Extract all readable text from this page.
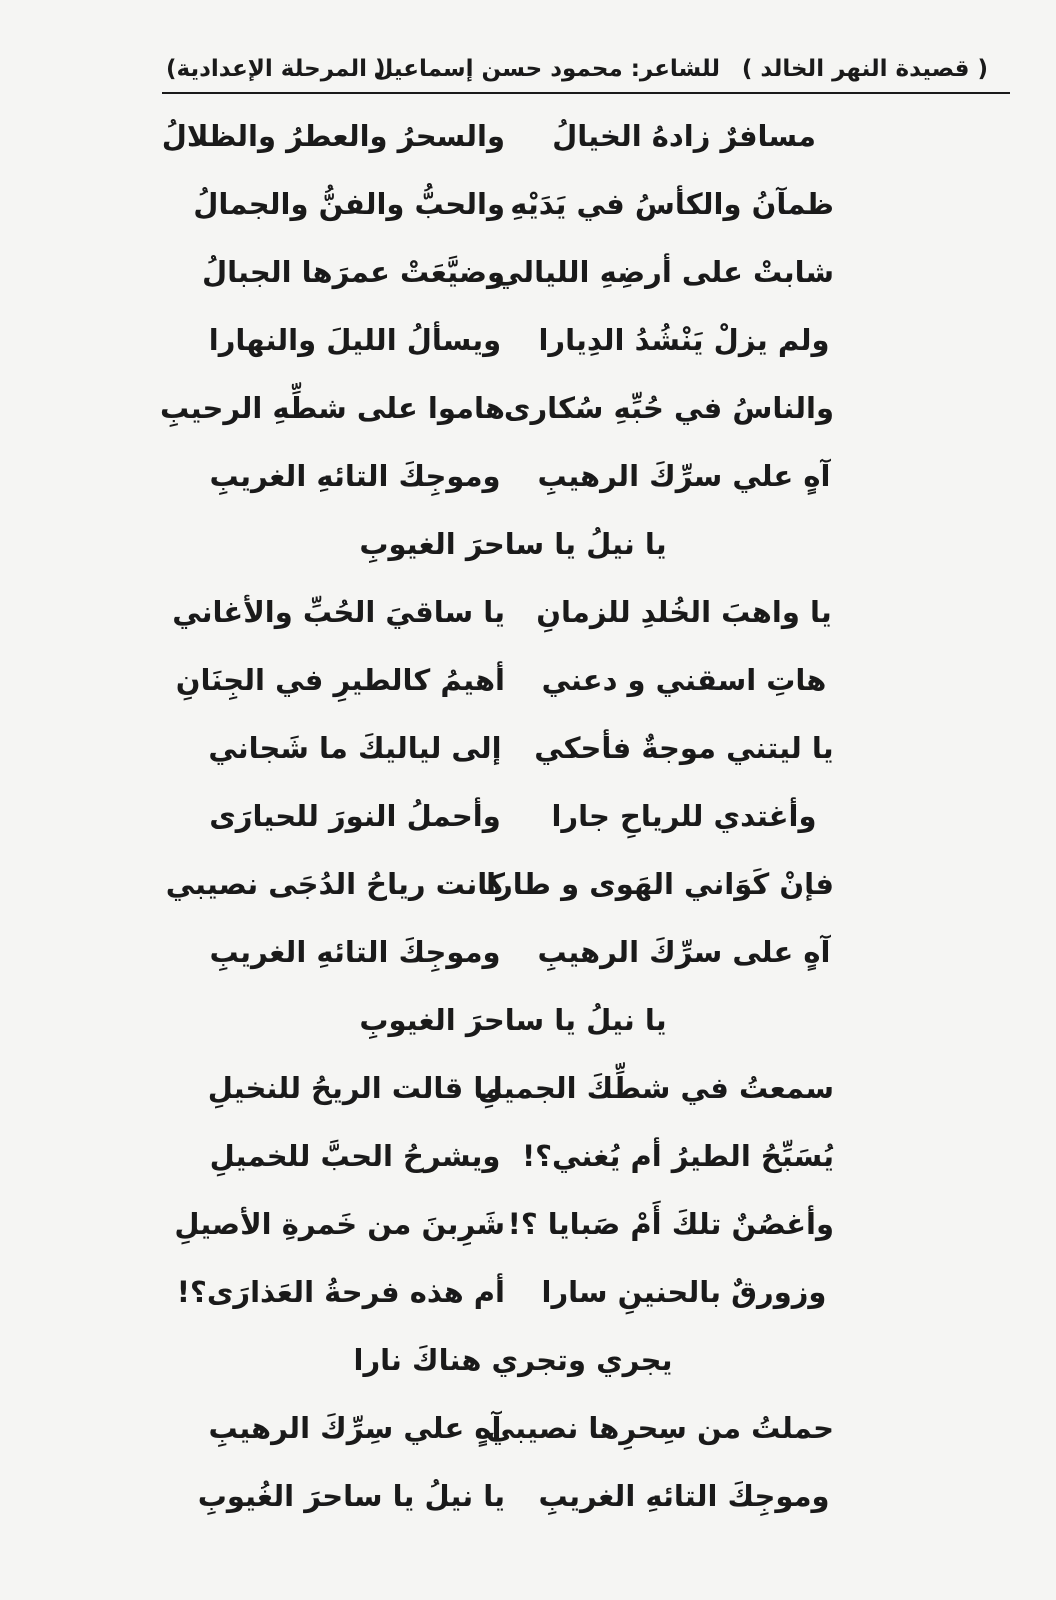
( قصيدة النهر الخالد )
للشاعر: محمود حسن إسماعيل
( المرحلة الإعدادية)
مسافرٌ زادهُ الخيالُ
والسحرُ والعطرُ والظلالُ
ظمآنُ والكأسُ في يَدَيْهِ
والحبُّ والفنُّ والجمالُ
شابتْ على أرضِهِ الليالي
وضيَّعَتْ عمرَها الجبالُ
ولم يزلْ يَنْشُدُ الدِيارا
ويسألُ الليلَ والنهارا
والناسُ في حُبِّهِ سُكارى
هاموا على شطِّهِ الرحيبِ
آهٍ علي سرِّكَ الرهيبِ
وموجِكَ التائهِ الغريبِ
يا نيلُ يا ساحرَ الغيوبِ
يا واهبَ الخُلدِ للزمانِ
يا ساقيَ الحُبِّ والأغاني
هاتِ اسقني و دعني
أهيمُ كالطيرِ في الجِنَانِ
يا ليتني موجةٌ فأحكي
إلى لياليكَ ما شَجاني
وأغتدي للرياحِ جارا
وأحملُ النورَ للحيارَى
فإنْ كَوَاني الهَوى و طارا
كانت رياحُ الدُجَى نصيبي
آهٍ على سرِّكَ الرهيبِ
وموجِكَ التائهِ الغريبِ
يا نيلُ يا ساحرَ الغيوبِ
سمعتُ في شطِّكَ الجميلِ
ما قالت الريحُ للنخيلِ
يُسَبِّحُ الطيرُ أم يُغني؟!
ويشرحُ الحبَّ للخميلِ
وأغصُنٌ تلكَ أَمْ صَبايا ؟!
شَرِبنَ من خَمرةِ الأصيلِ
وزورقٌ بالحنينِ سارا
أم هذه فرحةُ العَذارَى؟!
يجري وتجري هناكَ نارا
حملتُ من سِحرِها نصيبي
آهٍ علي سِرِّكَ الرهيبِ
وموجِكَ التائهِ الغريبِ
يا نيلُ يا ساحرَ الغُيوبِ
